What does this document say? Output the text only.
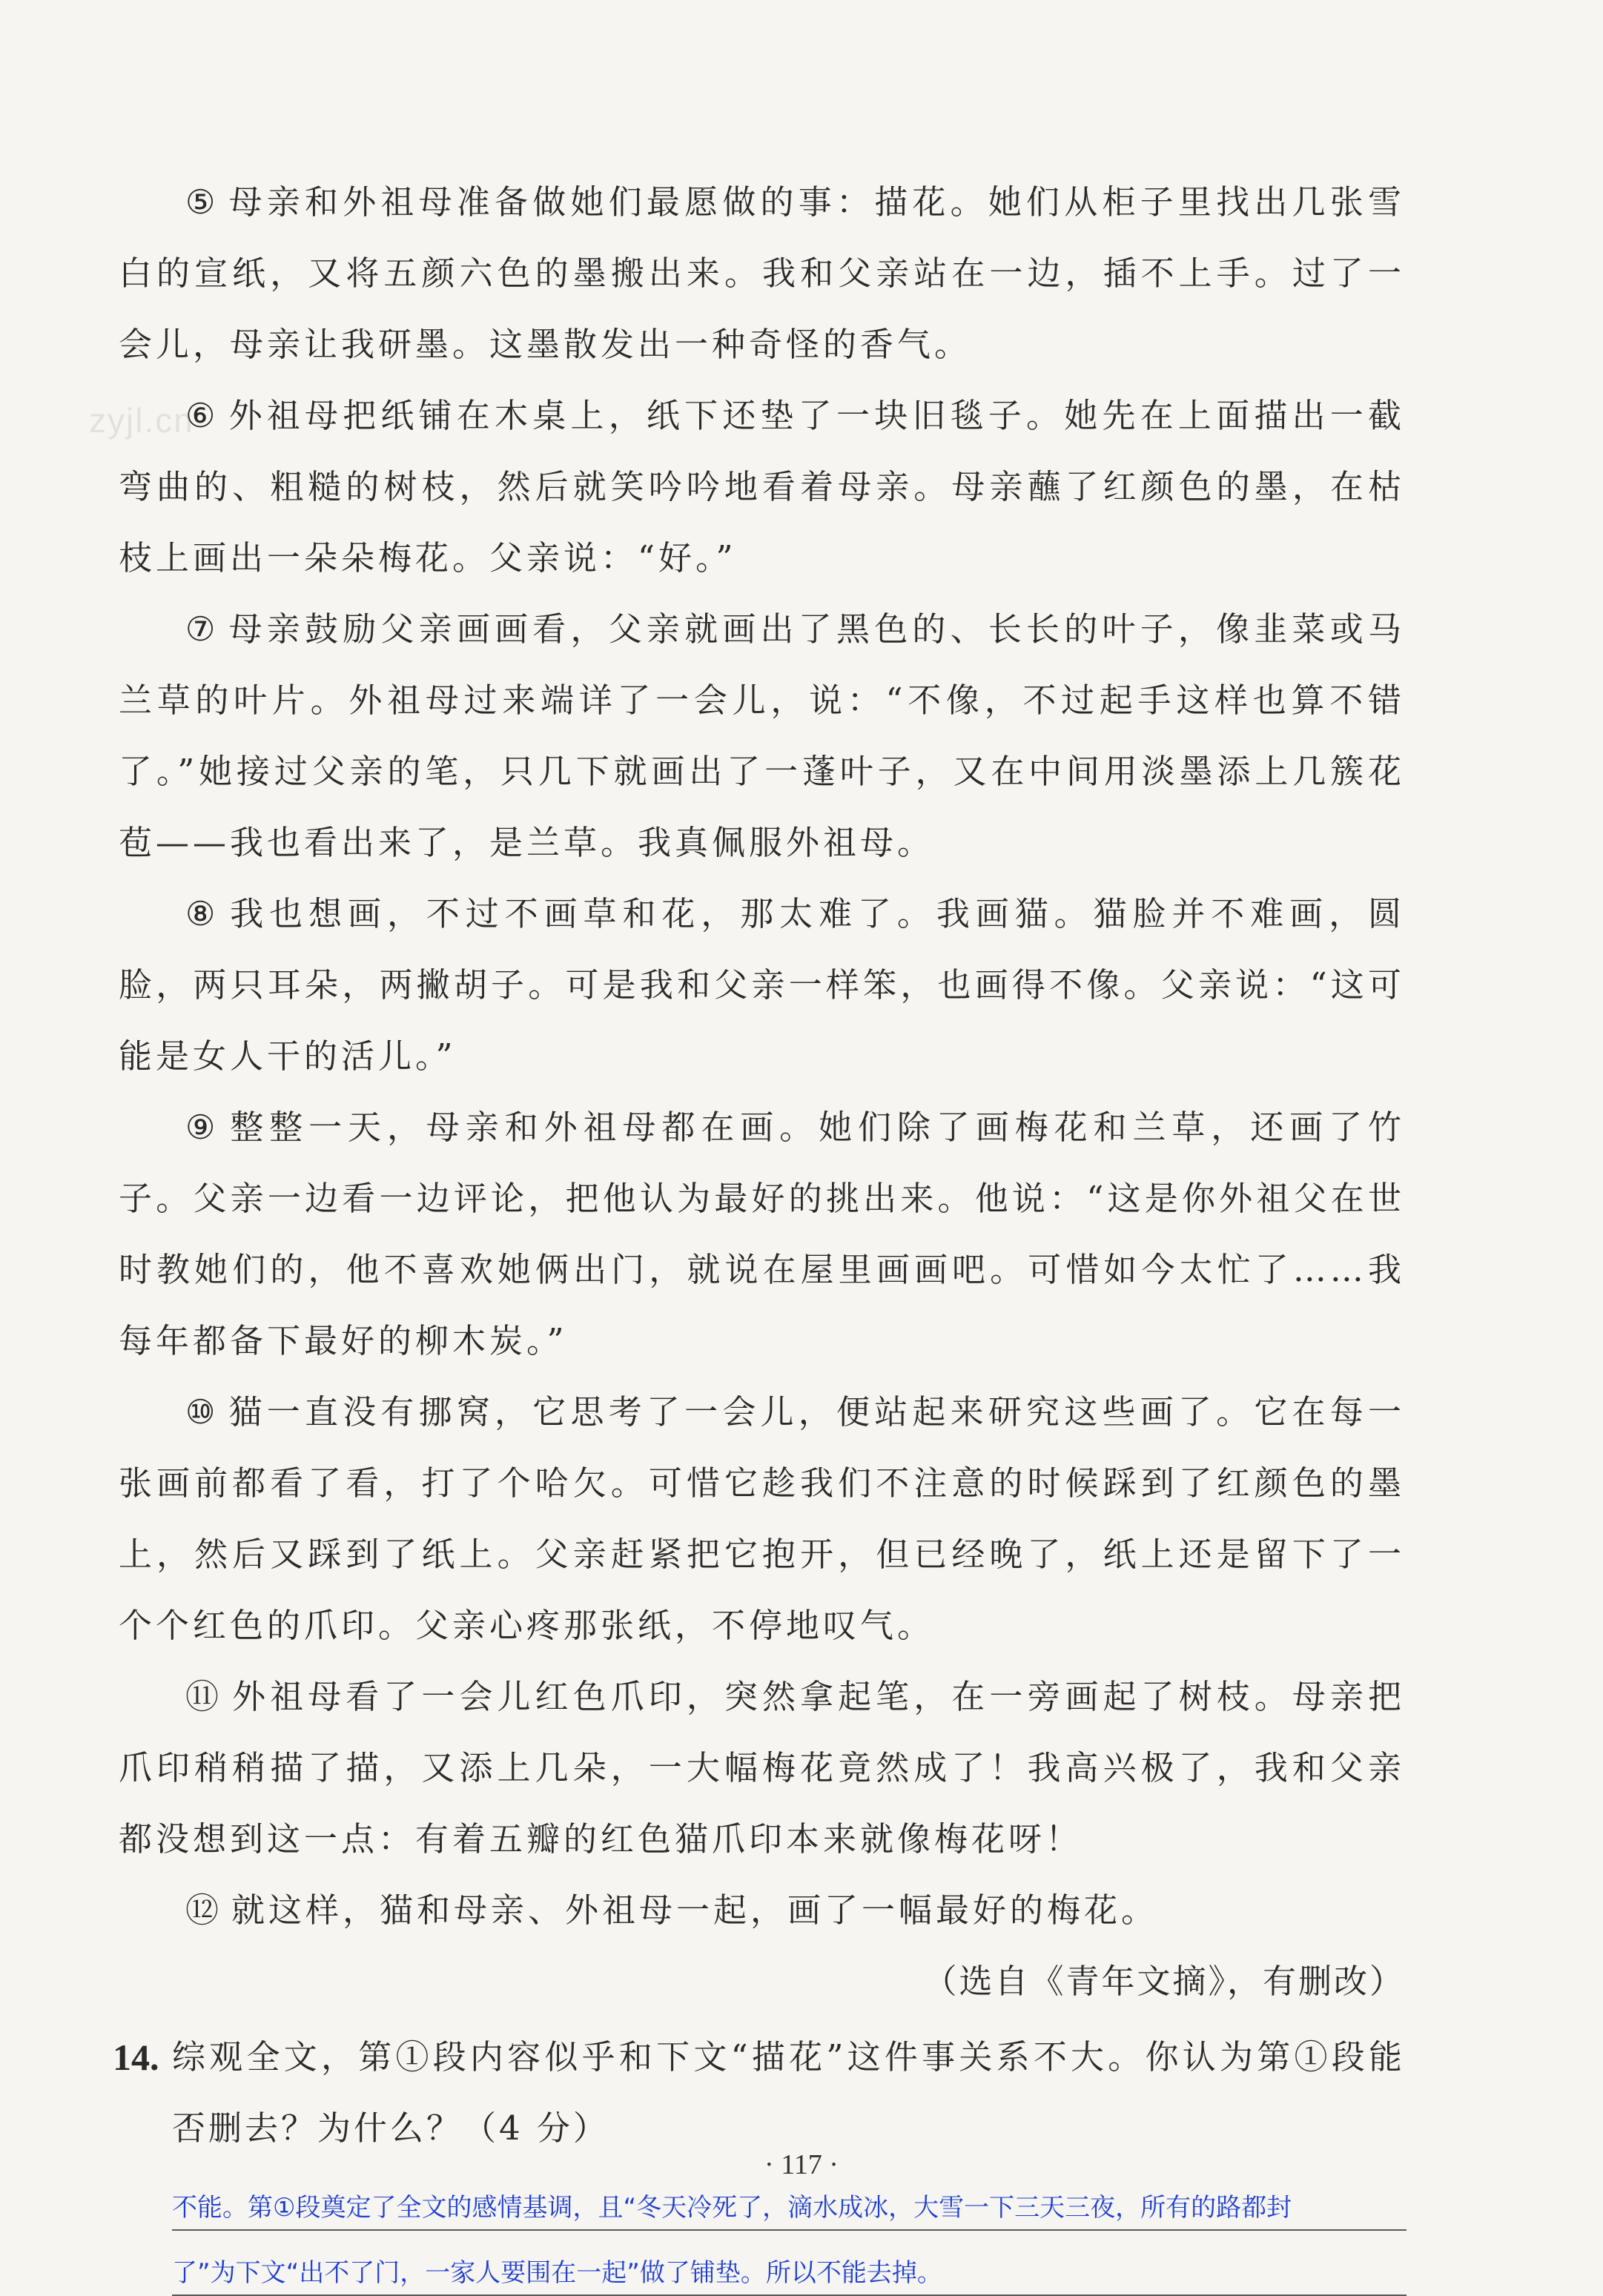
zyjl.cn

⑤ 母亲和外祖母准备做她们最愿做的事：描花。她们从柜子里找出几张雪白的宣纸，又将五颜六色的墨搬出来。我和父亲站在一边，插不上手。过了一会儿，母亲让我研墨。这墨散发出一种奇怪的香气。

⑥ 外祖母把纸铺在木桌上，纸下还垫了一块旧毯子。她先在上面描出一截弯曲的、粗糙的树枝，然后就笑吟吟地看着母亲。母亲蘸了红颜色的墨，在枯枝上画出一朵朵梅花。父亲说：“好。”

⑦ 母亲鼓励父亲画画看，父亲就画出了黑色的、长长的叶子，像韭菜或马兰草的叶片。外祖母过来端详了一会儿，说：“不像，不过起手这样也算不错了。”她接过父亲的笔，只几下就画出了一蓬叶子，又在中间用淡墨添上几簇花苞——我也看出来了，是兰草。我真佩服外祖母。

⑧ 我也想画，不过不画草和花，那太难了。我画猫。猫脸并不难画，圆脸，两只耳朵，两撇胡子。可是我和父亲一样笨，也画得不像。父亲说：“这可能是女人干的活儿。”

⑨ 整整一天，母亲和外祖母都在画。她们除了画梅花和兰草，还画了竹子。父亲一边看一边评论，把他认为最好的挑出来。他说：“这是你外祖父在世时教她们的，他不喜欢她俩出门，就说在屋里画画吧。可惜如今太忙了……我每年都备下最好的柳木炭。”

⑩ 猫一直没有挪窝，它思考了一会儿，便站起来研究这些画了。它在每一张画前都看了看，打了个哈欠。可惜它趁我们不注意的时候踩到了红颜色的墨上，然后又踩到了纸上。父亲赶紧把它抱开，但已经晚了，纸上还是留下了一个个红色的爪印。父亲心疼那张纸，不停地叹气。

⑪ 外祖母看了一会儿红色爪印，突然拿起笔，在一旁画起了树枝。母亲把爪印稍稍描了描，又添上几朵，一大幅梅花竟然成了！我高兴极了，我和父亲都没想到这一点：有着五瓣的红色猫爪印本来就像梅花呀！

⑫ 就这样，猫和母亲、外祖母一起，画了一幅最好的梅花。

（选自《青年文摘》，有删改）

14. 综观全文，第①段内容似乎和下文“描花”这件事关系不大。你认为第①段能否删去？为什么？（4 分）

不能。第①段奠定了全文的感情基调，且“冬天冷死了，滴水成冰，大雪一下三天三夜，所有的路都封
了”为下文“出不了门，一家人要围在一起”做了铺垫。所以不能去掉。
· 117 ·
